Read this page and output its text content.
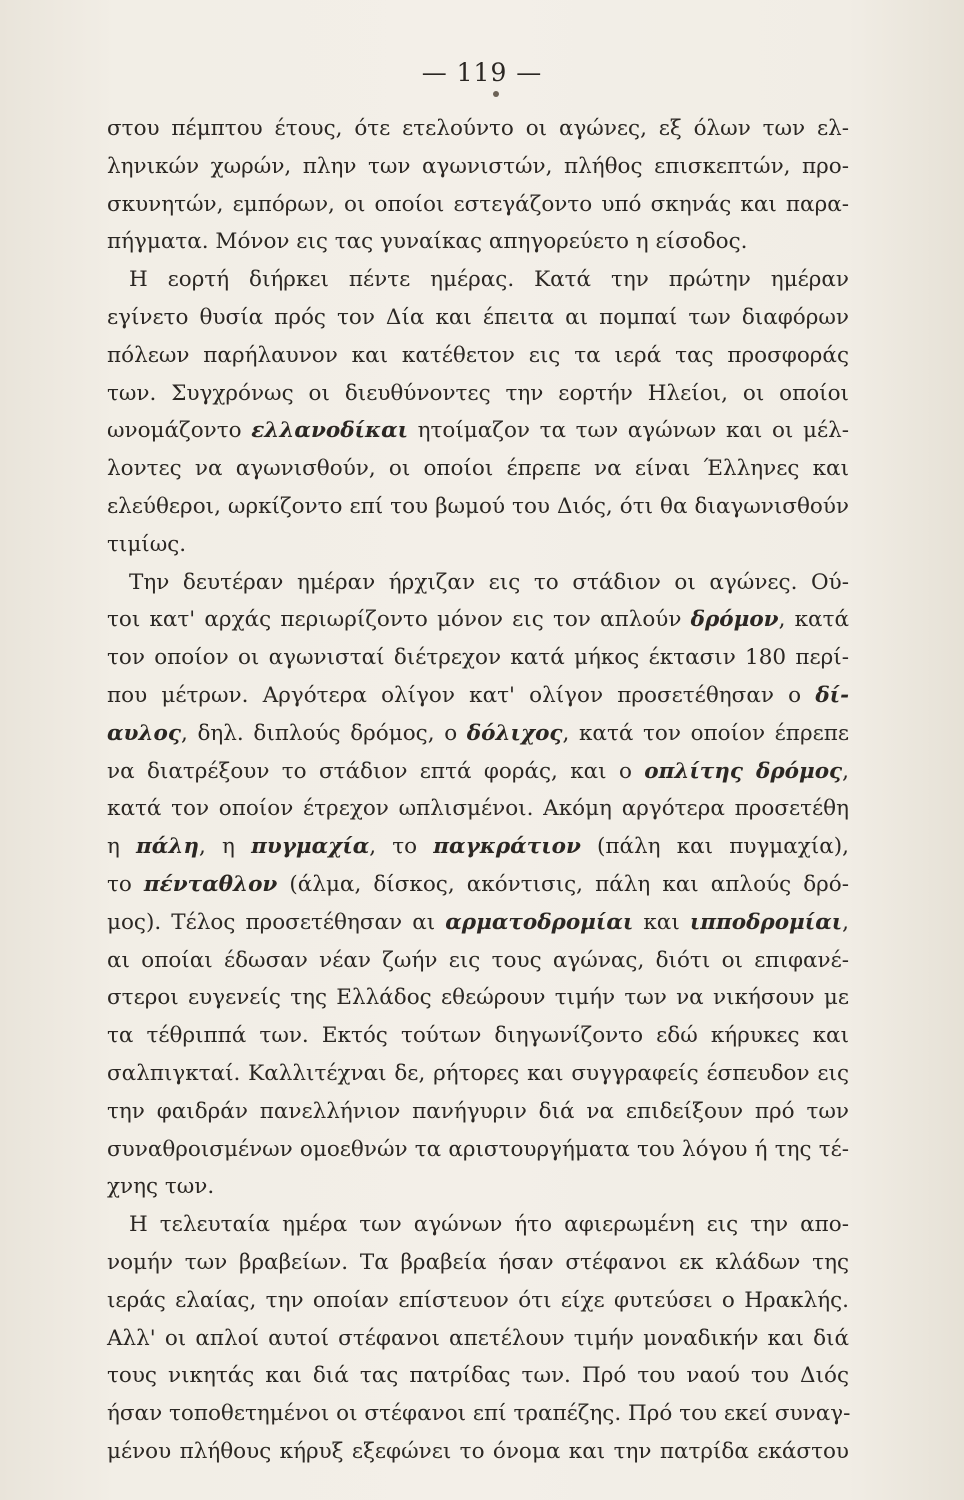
— 119 —
στου πέμπτου έτους, ότε ετελούντο οι αγώνες, εξ όλων των ελ-
ληνικών χωρών, πλην των αγωνιστών, πλήθος επισκεπτών, προ-
σκυνητών, εμπόρων, οι οποίοι εστεγάζοντο υπό σκηνάς και παρα-
πήγματα. Μόνον εις τας γυναίκας απηγορεύετο η είσοδος.
Η εορτή διήρκει πέντε ημέρας. Κατά την πρώτην ημέραν
εγίνετο θυσία πρός τον Δία και έπειτα αι πομπαί των διαφόρων
πόλεων παρήλαυνον και κατέθετον εις τα ιερά τας προσφοράς
των. Συγχρόνως οι διευθύνοντες την εορτήν Ηλείοι, οι οποίοι
ωνομάζοντο ελλανοδίκαι ητοίμαζον τα των αγώνων και οι μέλ-
λοντες να αγωνισθούν, οι οποίοι έπρεπε να είναι Έλληνες και
ελεύθεροι, ωρκίζοντο επί του βωμού του Διός, ότι θα διαγωνισθούν
τιμίως.
Την δευτέραν ημέραν ήρχιζαν εις το στάδιον οι αγώνες. Ού-
τοι κατ' αρχάς περιωρίζοντο μόνον εις τον απλούν δρόμον, κατά
τον οποίον οι αγωνισταί διέτρεχον κατά μήκος έκτασιν 180 περί-
που μέτρων. Αργότερα ολίγον κατ' ολίγον προσετέθησαν ο δί-
αυλος, δηλ. διπλούς δρόμος, ο δόλιχος, κατά τον οποίον έπρεπε
να διατρέξουν το στάδιον επτά φοράς, και ο οπλίτης δρόμος,
κατά τον οποίον έτρεχον ωπλισμένοι. Ακόμη αργότερα προσετέθη
η πάλη, η πυγμαχία, το παγκράτιον (πάλη και πυγμαχία),
το πένταθλον (άλμα, δίσκος, ακόντισις, πάλη και απλούς δρό-
μος). Τέλος προσετέθησαν αι αρματοδρομίαι και ιπποδρομίαι,
αι οποίαι έδωσαν νέαν ζωήν εις τους αγώνας, διότι οι επιφανέ-
στεροι ευγενείς της Ελλάδος εθεώρουν τιμήν των να νικήσουν με
τα τέθριππά των. Εκτός τούτων διηγωνίζοντο εδώ κήρυκες και
σαλπιγκταί. Καλλιτέχναι δε, ρήτορες και συγγραφείς έσπευδον εις
την φαιδράν πανελλήνιον πανήγυριν διά να επιδείξουν πρό των
συναθροισμένων ομοεθνών τα αριστουργήματα του λόγου ή της τέ-
χνης των.
Η τελευταία ημέρα των αγώνων ήτο αφιερωμένη εις την απο-
νομήν των βραβείων. Τα βραβεία ήσαν στέφανοι εκ κλάδων της
ιεράς ελαίας, την οποίαν επίστευον ότι είχε φυτεύσει ο Ηρακλής.
Αλλ' οι απλοί αυτοί στέφανοι απετέλουν τιμήν μοναδικήν και διά
τους νικητάς και διά τας πατρίδας των. Πρό του ναού του Διός
ήσαν τοποθετημένοι οι στέφανοι επί τραπέζης. Πρό του εκεί συναγ-
μένου πλήθους κήρυξ εξεφώνει το όνομα και την πατρίδα εκάστου
